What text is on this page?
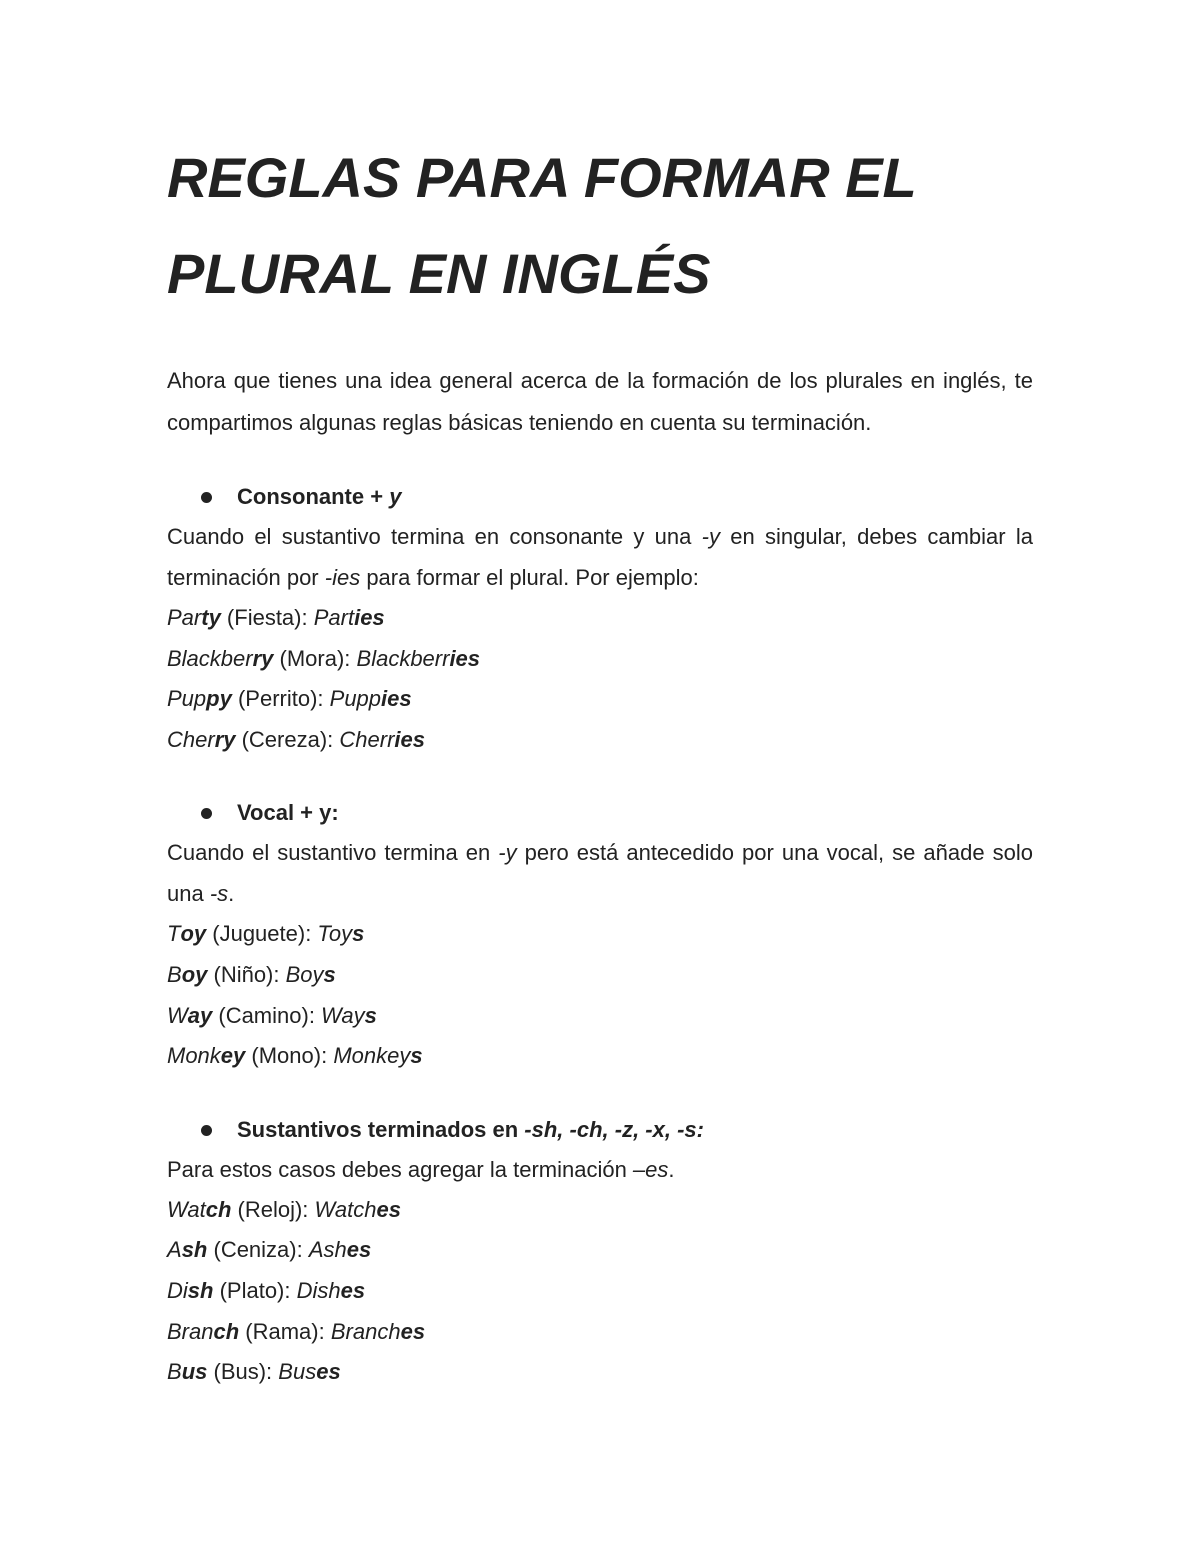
REGLAS PARA FORMAR EL
PLURAL EN INGLÉS

Ahora que tienes una idea general acerca de la formación de los plurales en inglés, te compartimos algunas reglas básicas teniendo en cuenta su terminación.

Consonante + y

Cuando el sustantivo termina en consonante y una -y en singular, debes cambiar la terminación por -ies para formar el plural. Por ejemplo:

Party (Fiesta): Parties
Blackberry (Mora): Blackberries
Puppy (Perrito): Puppies
Cherry (Cereza): Cherries
Vocal + y:

Cuando el sustantivo termina en -y pero está antecedido por una vocal, se añade solo una -s.

Toy (Juguete): Toys
Boy (Niño): Boys
Way (Camino): Ways
Monkey (Mono): Monkeys
Sustantivos terminados en -sh, -ch, -z, -x, -s:

Para estos casos debes agregar la terminación –es.

Watch (Reloj): Watches
Ash (Ceniza): Ashes
Dish (Plato): Dishes
Branch (Rama): Branches
Bus (Bus): Buses
